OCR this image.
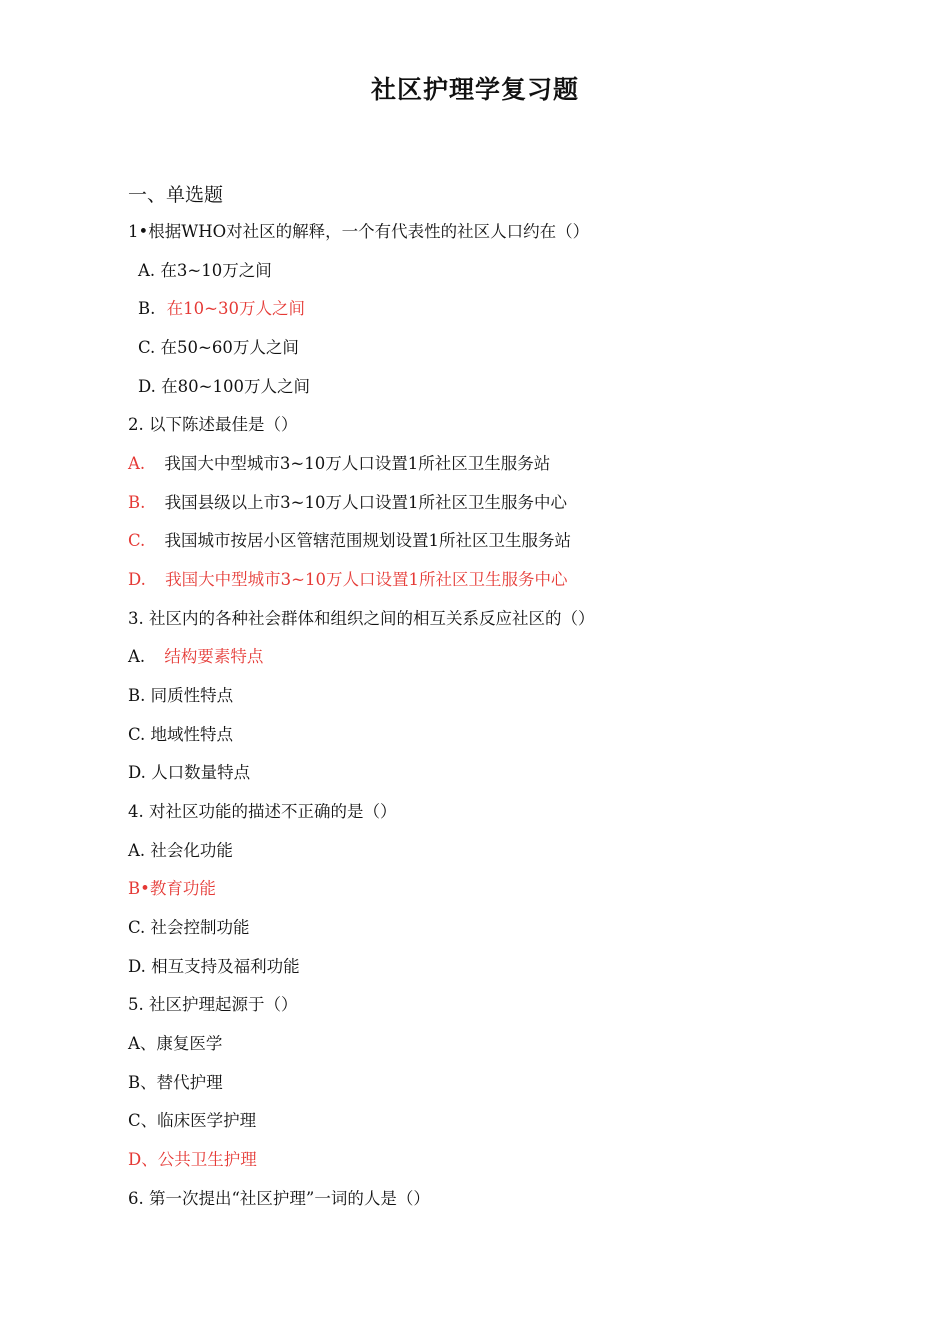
社区护理学复习题
一、单选题
1•根据WHO对社区的解释，一个有代表性的社区人口约在（）
A. 在3~10万之间
B. 在10~30万人之间
C. 在50~60万人之间
D. 在80~100万人之间
2. 以下陈述最佳是（）
A. 我国大中型城市3~10万人口设置1所社区卫生服务站
B. 我国县级以上市3~10万人口设置1所社区卫生服务中心
C. 我国城市按居小区管辖范围规划设置1所社区卫生服务站
D. 我国大中型城市3~10万人口设置1所社区卫生服务中心
3. 社区内的各种社会群体和组织之间的相互关系反应社区的（）
A. 结构要素特点
B. 同质性特点
C. 地域性特点
D. 人口数量特点
4. 对社区功能的描述不正确的是（）
A. 社会化功能
B•教育功能
C. 社会控制功能
D. 相互支持及福利功能
5. 社区护理起源于（）
A、康复医学
B、替代护理
C、临床医学护理
D、公共卫生护理
6. 第一次提出“社区护理”一词的人是（）
